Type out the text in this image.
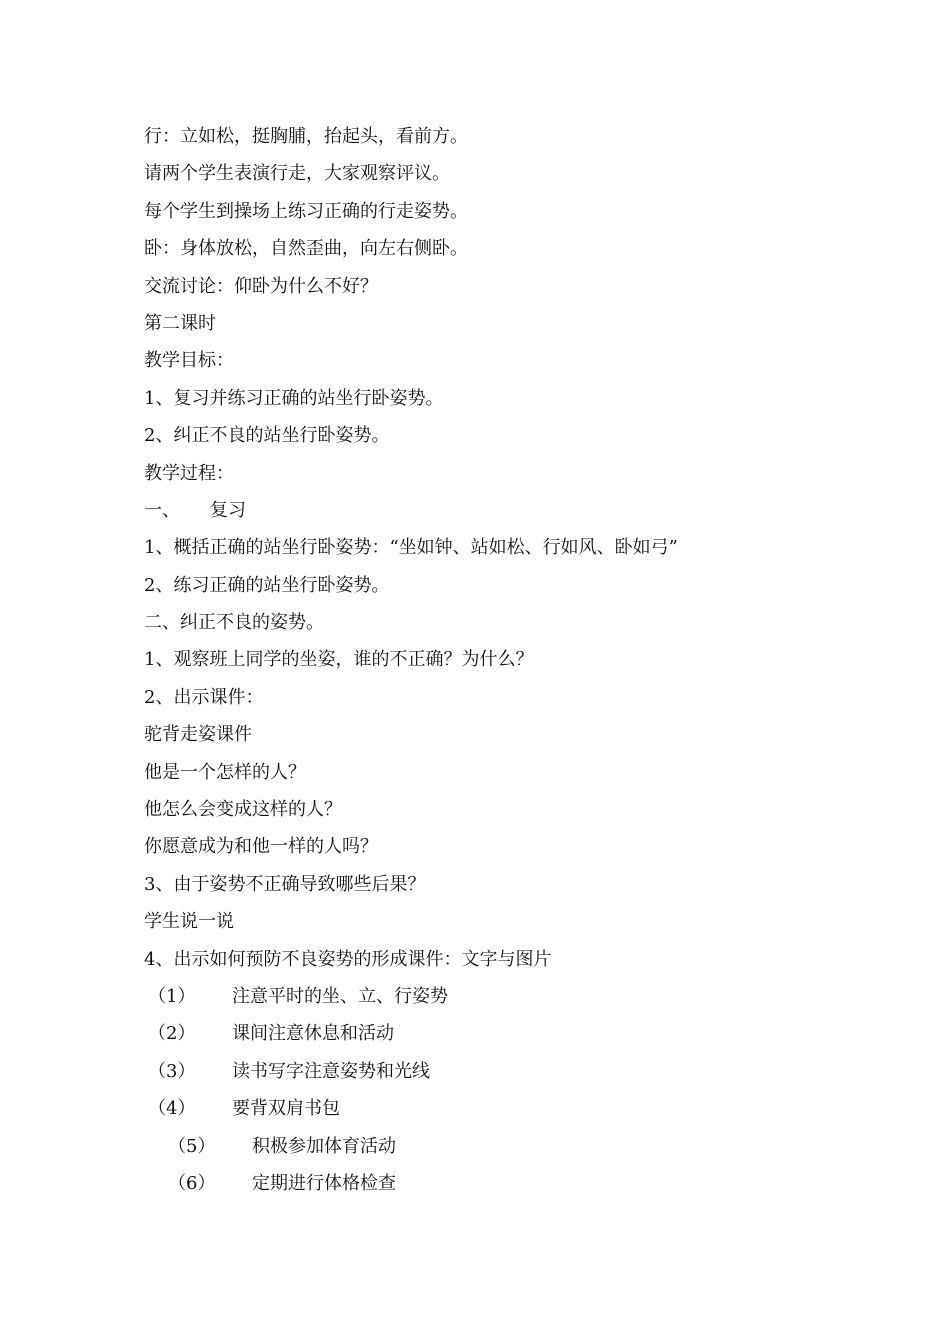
行：立如松，挺胸脯，抬起头，看前方。
请两个学生表演行走，大家观察评议。
每个学生到操场上练习正确的行走姿势。
卧：身体放松，自然歪曲，向左右侧卧。
交流讨论：仰卧为什么不好？
第二课时
教学目标：
1、复习并练习正确的站坐行卧姿势。
2、纠正不良的站坐行卧姿势。
教学过程：
一、 复习
1、概括正确的站坐行卧姿势：“坐如钟、站如松、行如风、卧如弓”
2、练习正确的站坐行卧姿势。
二、纠正不良的姿势。
1、观察班上同学的坐姿，谁的不正确？为什么？
2、出示课件：
驼背走姿课件
他是一个怎样的人？
他怎么会变成这样的人？
你愿意成为和他一样的人吗？
3、由于姿势不正确导致哪些后果？
学生说一说
4、出示如何预防不良姿势的形成课件：文字与图片
（1） 注意平时的坐、立、行姿势
（2） 课间注意休息和活动
（3） 读书写字注意姿势和光线
（4） 要背双肩书包
（5） 积极参加体育活动
（6） 定期进行体格检查
